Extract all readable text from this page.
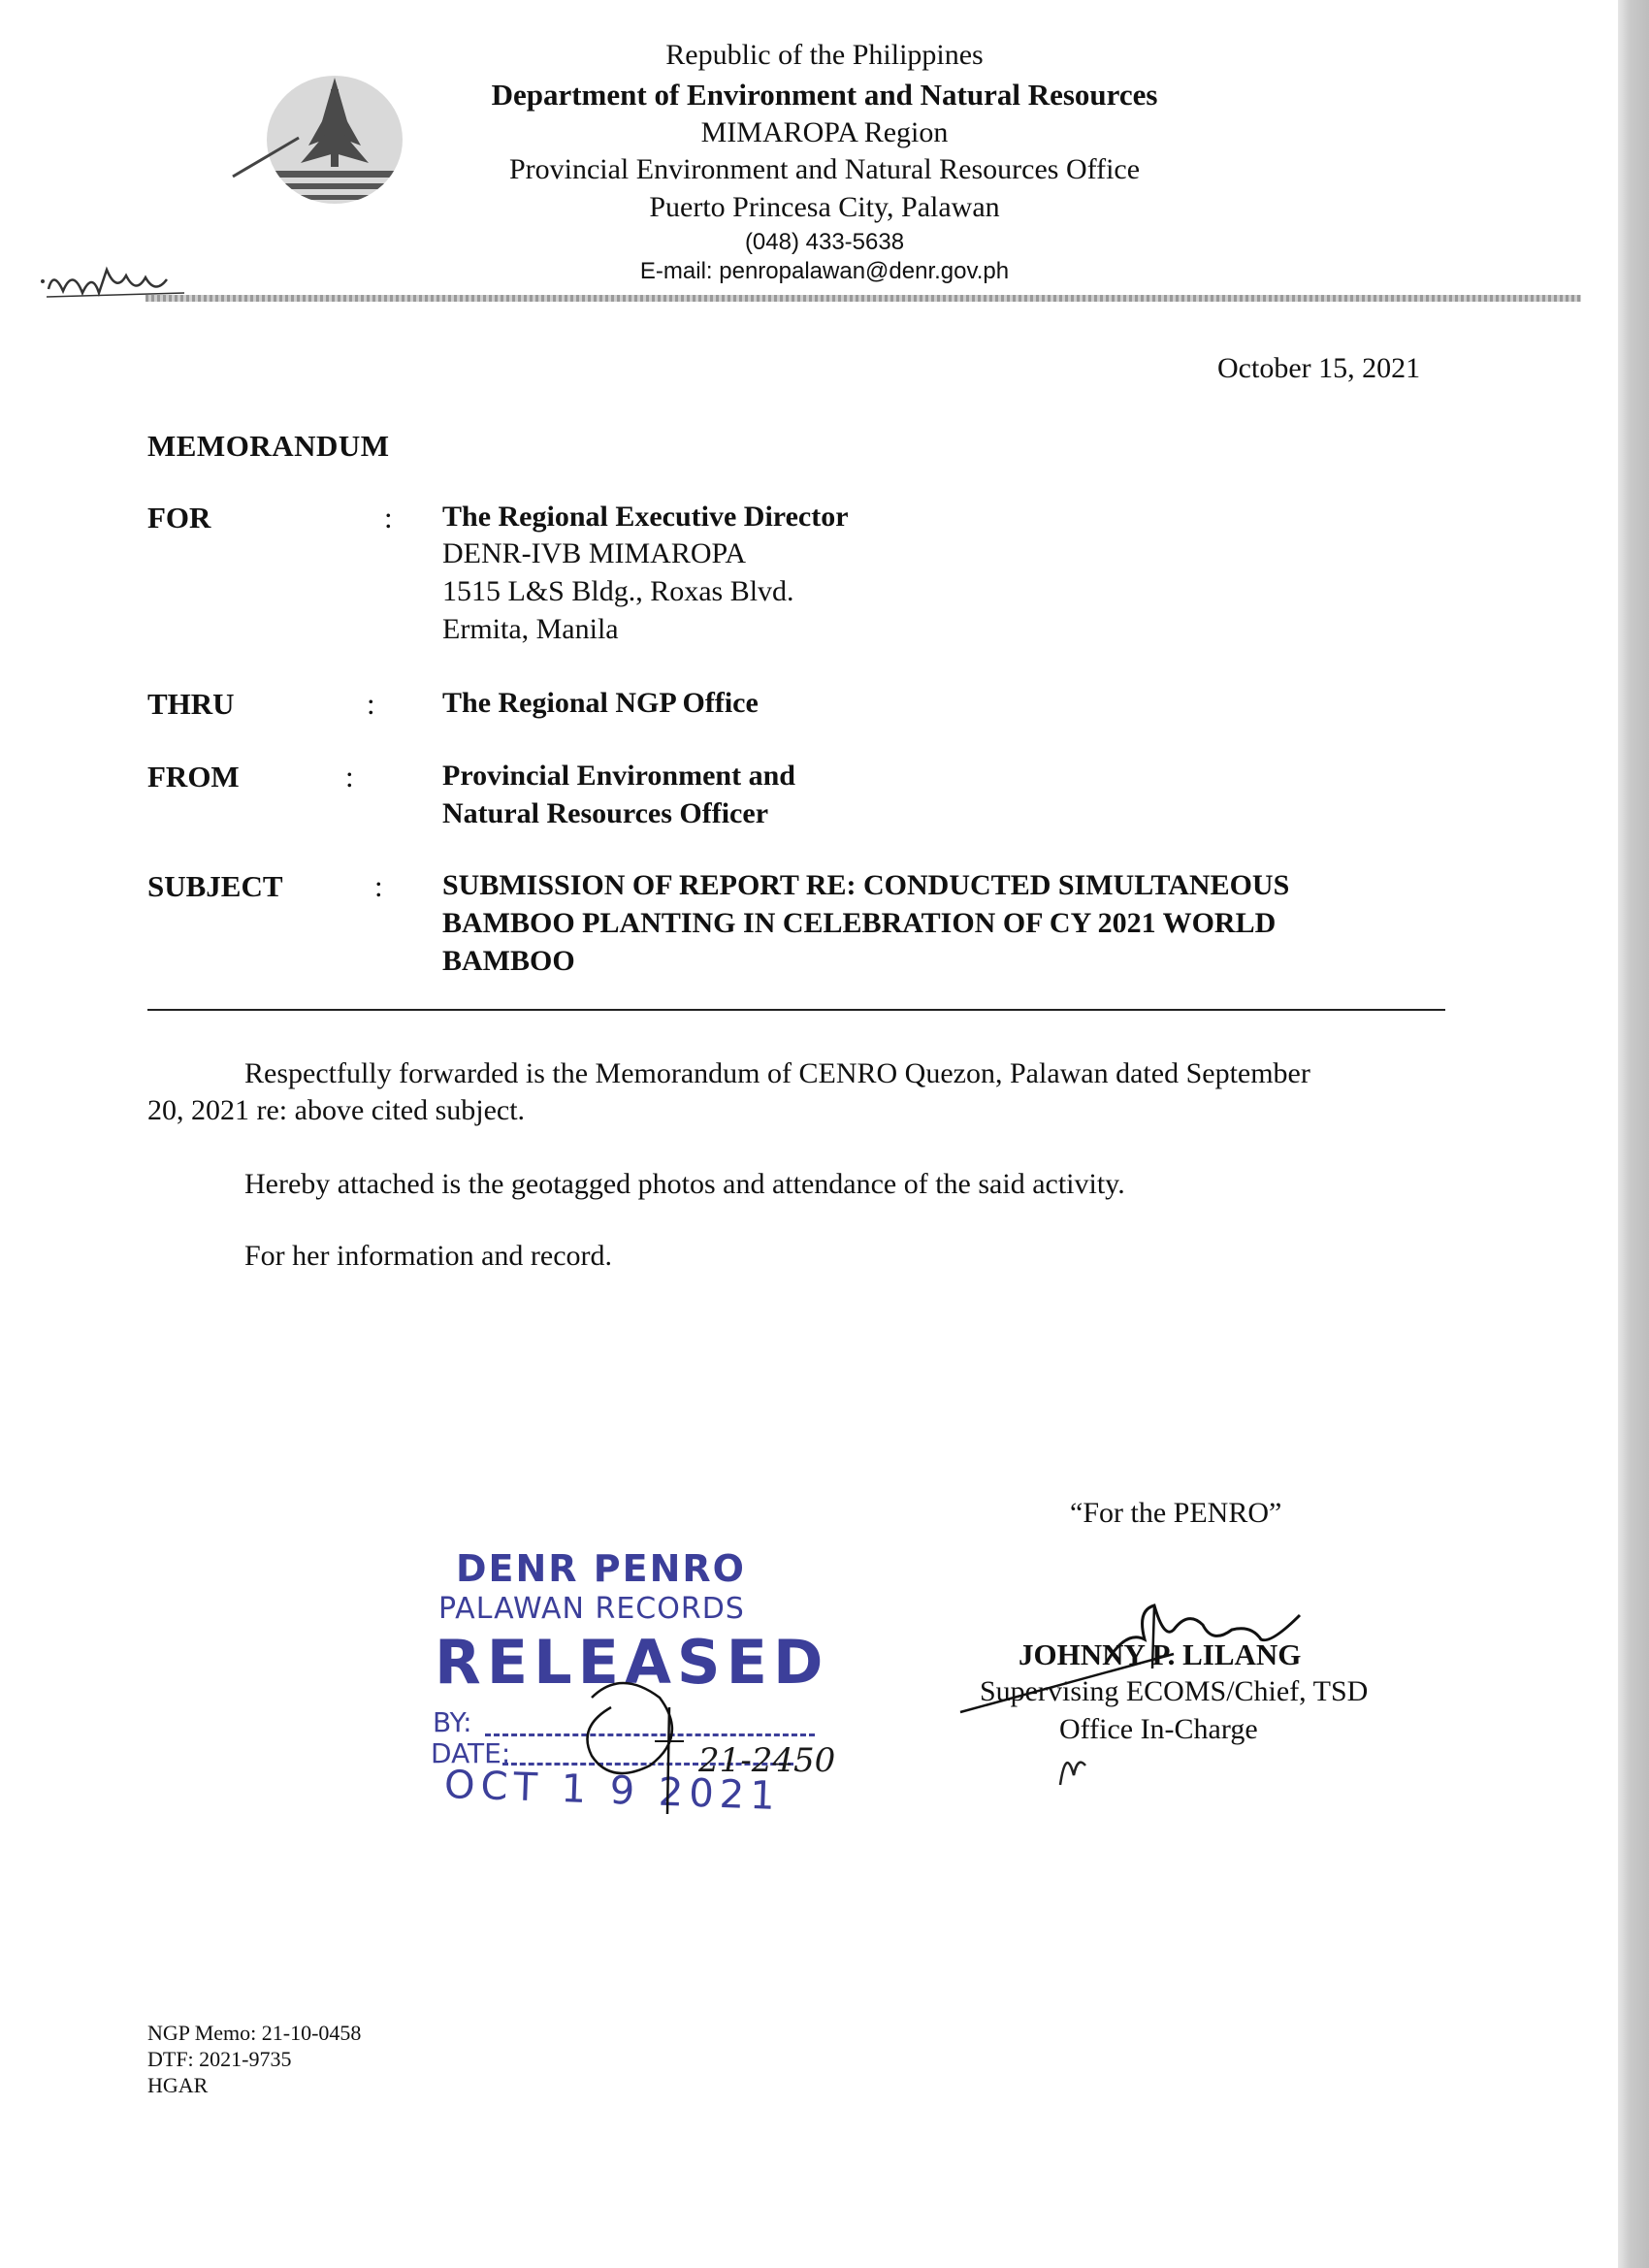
Republic of the Philippines
Department of Environment and Natural Resources
MIMAROPA Region
Provincial Environment and Natural Resources Office
Puerto Princesa City, Palawan
(048) 433-5638
E-mail: penropalawan@denr.gov.ph
October 15, 2021
MEMORANDUM
FOR	: The Regional Executive Director
DENR-IVB MIMAROPA
1515 L&S Bldg., Roxas Blvd.
Ermita, Manila
THRU	: The Regional NGP Office
FROM	:	Provincial Environment and
Natural Resources Officer
SUBJECT	: SUBMISSION OF REPORT RE: CONDUCTED SIMULTANEOUS
BAMBOO PLANTING IN CELEBRATION OF CY 2021 WORLD
BAMBOO
Respectfully forwarded is the Memorandum of CENRO Quezon, Palawan dated September
20, 2021 re: above cited subject.
Hereby attached is the geotagged photos and attendance of the said activity.
For her information and record.
“For the PENRO”
JOHNNY P. LILANG
Supervising ECOMS/Chief, TSD
Office In-Charge
DENR PENRO
PALAWAN RECORDS
RELEASED
BY:
DATE:
OCT 1 9 2021
21-2450
NGP Memo: 21-10-0458
DTF: 2021-9735
HGAR
